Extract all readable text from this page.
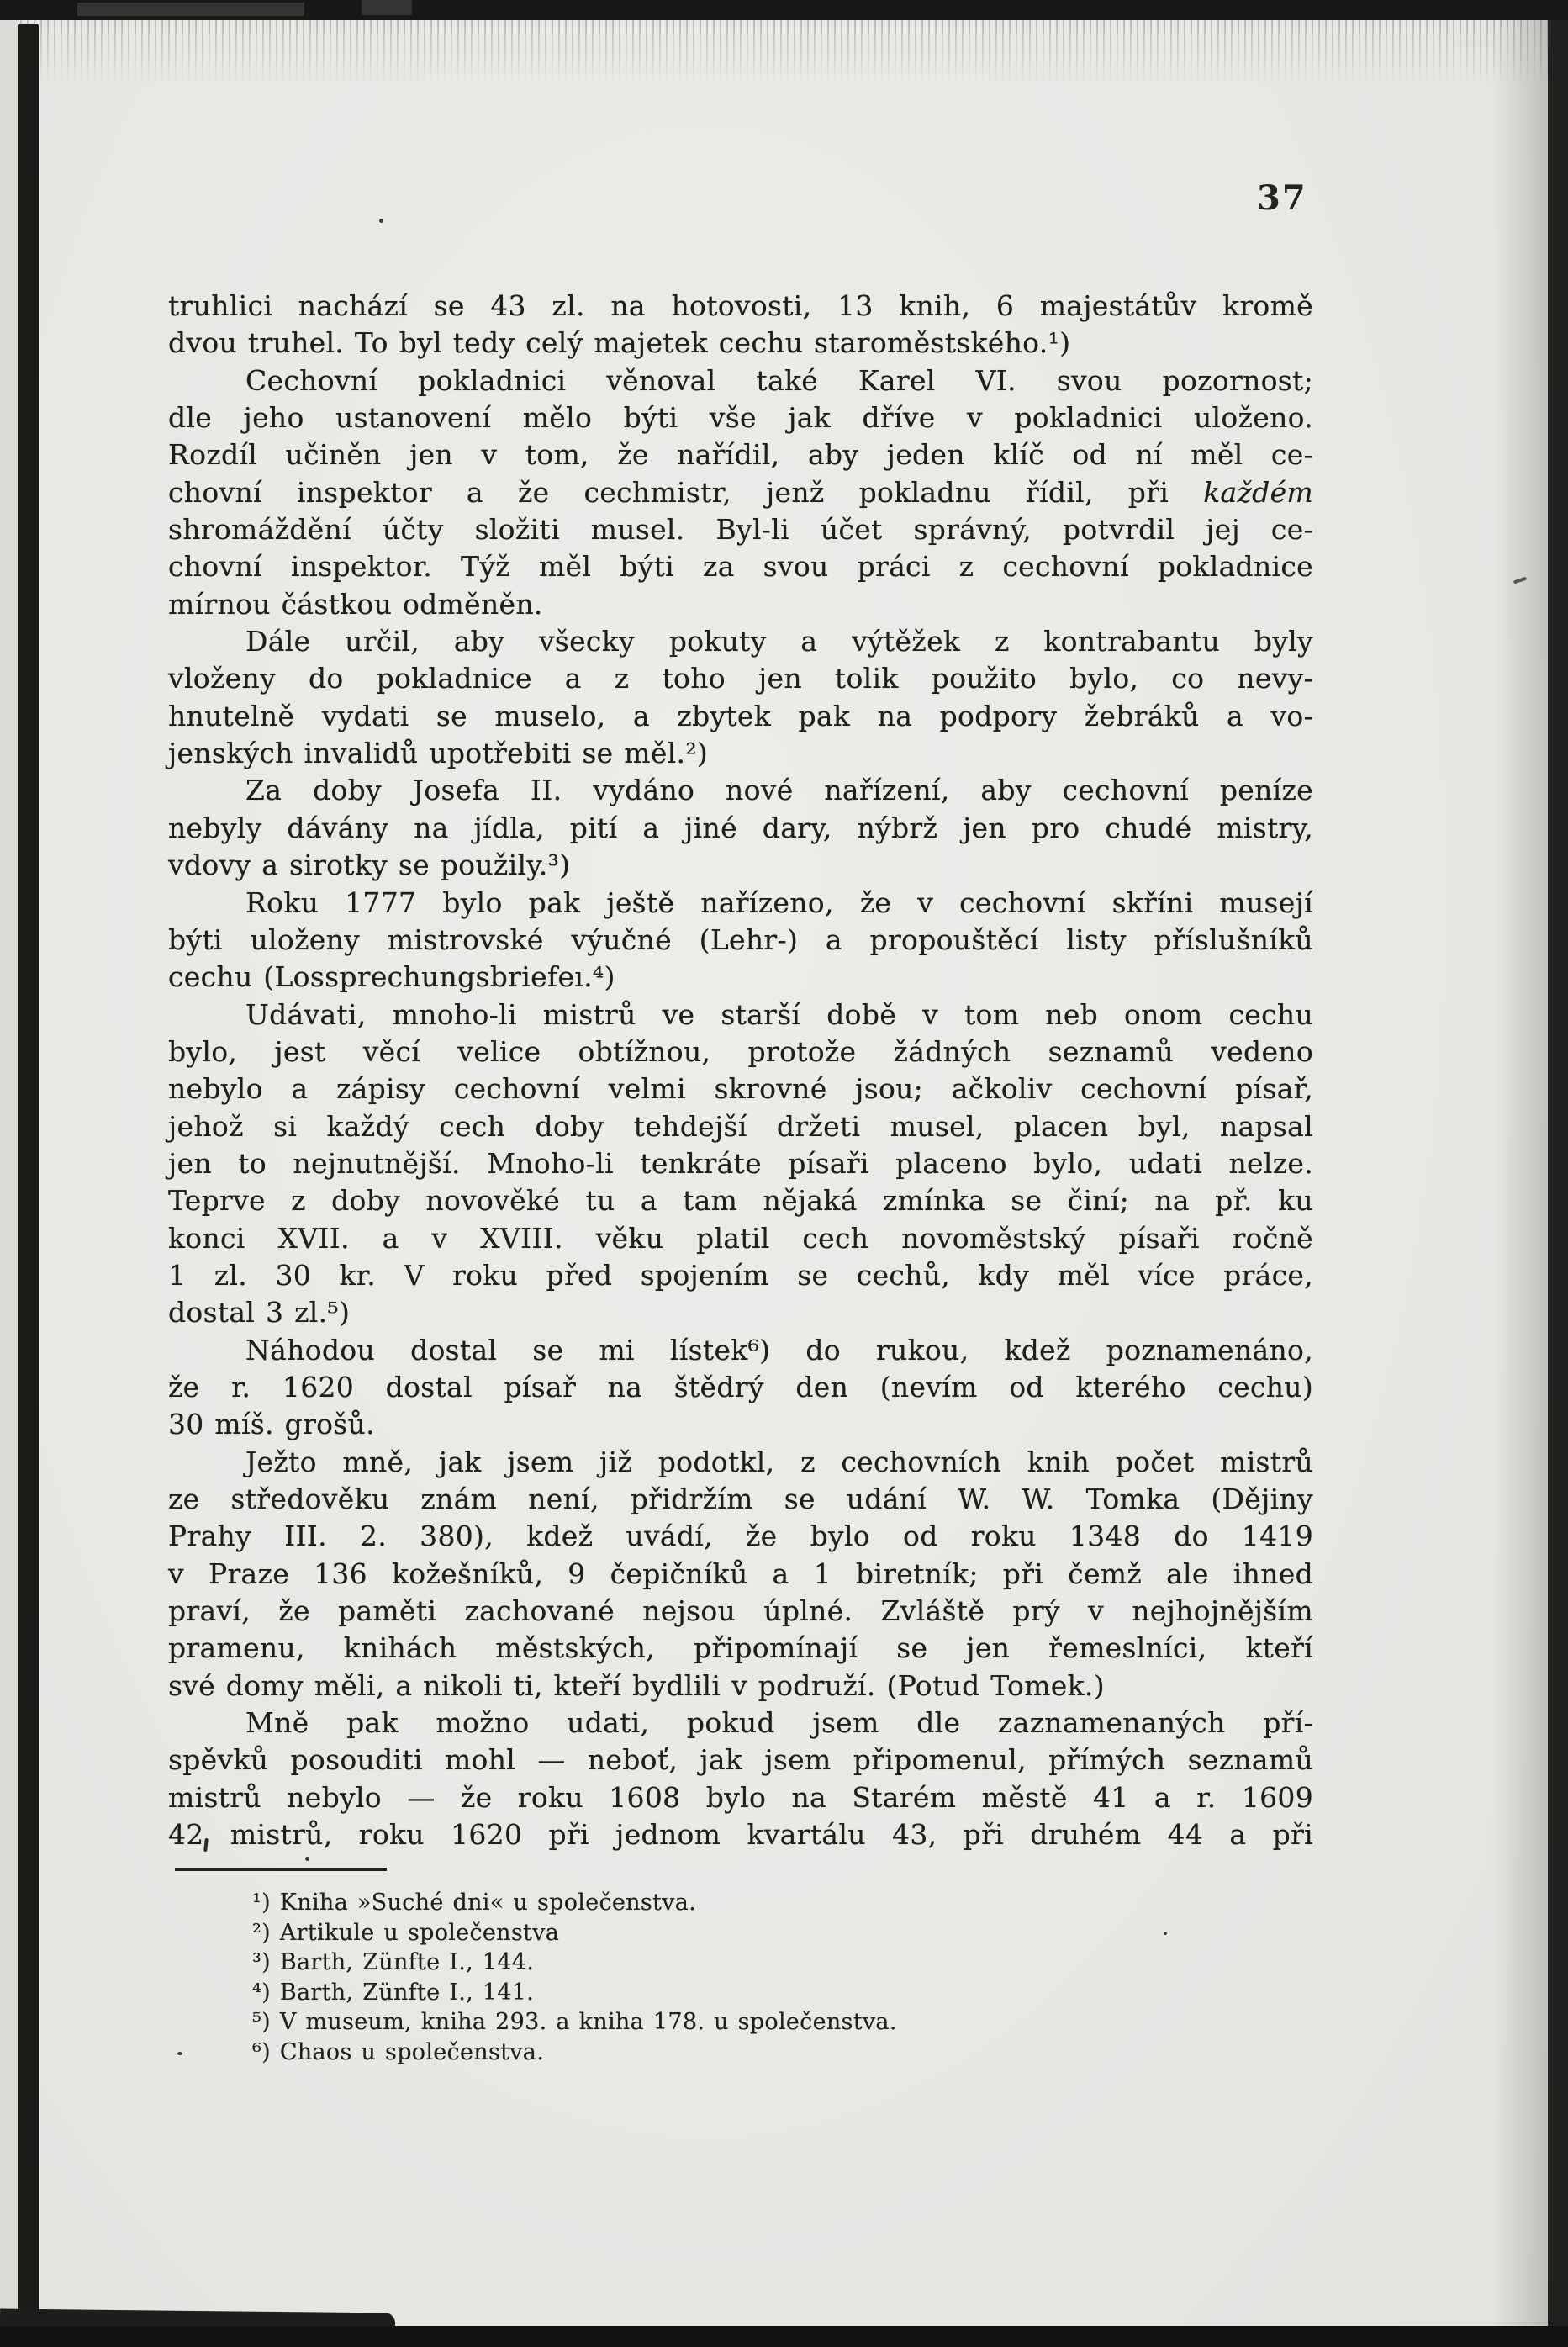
37
truhlici nachází se 43 zl. na hotovosti, 13 knih, 6 majestátův kromě
dvou truhel. To byl tedy celý majetek cechu staroměstského.¹)
Cechovní pokladnici věnoval také Karel VI. svou pozornost;
dle jeho ustanovení mělo býti vše jak dříve v pokladnici uloženo.
Rozdíl učiněn jen v tom, že nařídil, aby jeden klíč od ní měl ce-
chovní inspektor a že cechmistr, jenž pokladnu řídil, při každém
shromáždění účty složiti musel. Byl-li účet správný, potvrdil jej ce-
chovní inspektor. Týž měl býti za svou práci z cechovní pokladnice
mírnou částkou odměněn.
Dále určil, aby všecky pokuty a výtěžek z kontrabantu byly
vloženy do pokladnice a z toho jen tolik použito bylo, co nevy-
hnutelně vydati se muselo, a zbytek pak na podpory žebráků a vo-
jenských invalidů upotřebiti se měl.²)
Za doby Josefa II. vydáno nové nařízení, aby cechovní peníze
nebyly dávány na jídla, pití a jiné dary, nýbrž jen pro chudé mistry,
vdovy a sirotky se použily.³)
Roku 1777 bylo pak ještě nařízeno, že v cechovní skříni musejí
býti uloženy mistrovské výučné (Lehr-) a propouštěcí listy příslušníků
cechu (Lossprechungsbriefeı.⁴)
Udávati, mnoho-li mistrů ve starší době v tom neb onom cechu
bylo, jest věcí velice obtížnou, protože žádných seznamů vedeno
nebylo a zápisy cechovní velmi skrovné jsou; ačkoliv cechovní písař,
jehož si každý cech doby tehdejší držeti musel, placen byl, napsal
jen to nejnutnější. Mnoho-li tenkráte písaři placeno bylo, udati nelze.
Teprve z doby novověké tu a tam nějaká zmínka se činí; na př. ku
konci XVII. a v XVIII. věku platil cech novoměstský písaři ročně
1 zl. 30 kr. V roku před spojením se cechů, kdy měl více práce,
dostal 3 zl.⁵)
Náhodou dostal se mi lístek⁶) do rukou, kdež poznamenáno,
že r. 1620 dostal písař na štědrý den (nevím od kterého cechu)
30 míš. grošů.
Ježto mně, jak jsem již podotkl, z cechovních knih počet mistrů
ze středověku znám není, přidržím se udání W. W. Tomka (Dějiny
Prahy III. 2. 380), kdež uvádí, že bylo od roku 1348 do 1419
v Praze 136 kožešníků, 9 čepičníků a 1 biretník; při čemž ale ihned
praví, že paměti zachované nejsou úplné. Zvláště prý v nejhojnějším
pramenu, knihách městských, připomínají se jen řemeslníci, kteří
své domy měli, a nikoli ti, kteří bydlili v podruží. (Potud Tomek.)
Mně pak možno udati, pokud jsem dle zaznamenaných pří-
spěvků posouditi mohl — neboť, jak jsem připomenul, přímých seznamů
mistrů nebylo — že roku 1608 bylo na Starém městě 41 a r. 1609
42 mistrů, roku 1620 při jednom kvartálu 43, při druhém 44 a při
¹) Kniha »Suché dni« u společenstva.
²) Artikule u společenstva
³) Barth, Zünfte I., 144.
⁴) Barth, Zünfte I., 141.
⁵) V museum, kniha 293. a kniha 178. u společenstva.
⁶) Chaos u společenstva.
